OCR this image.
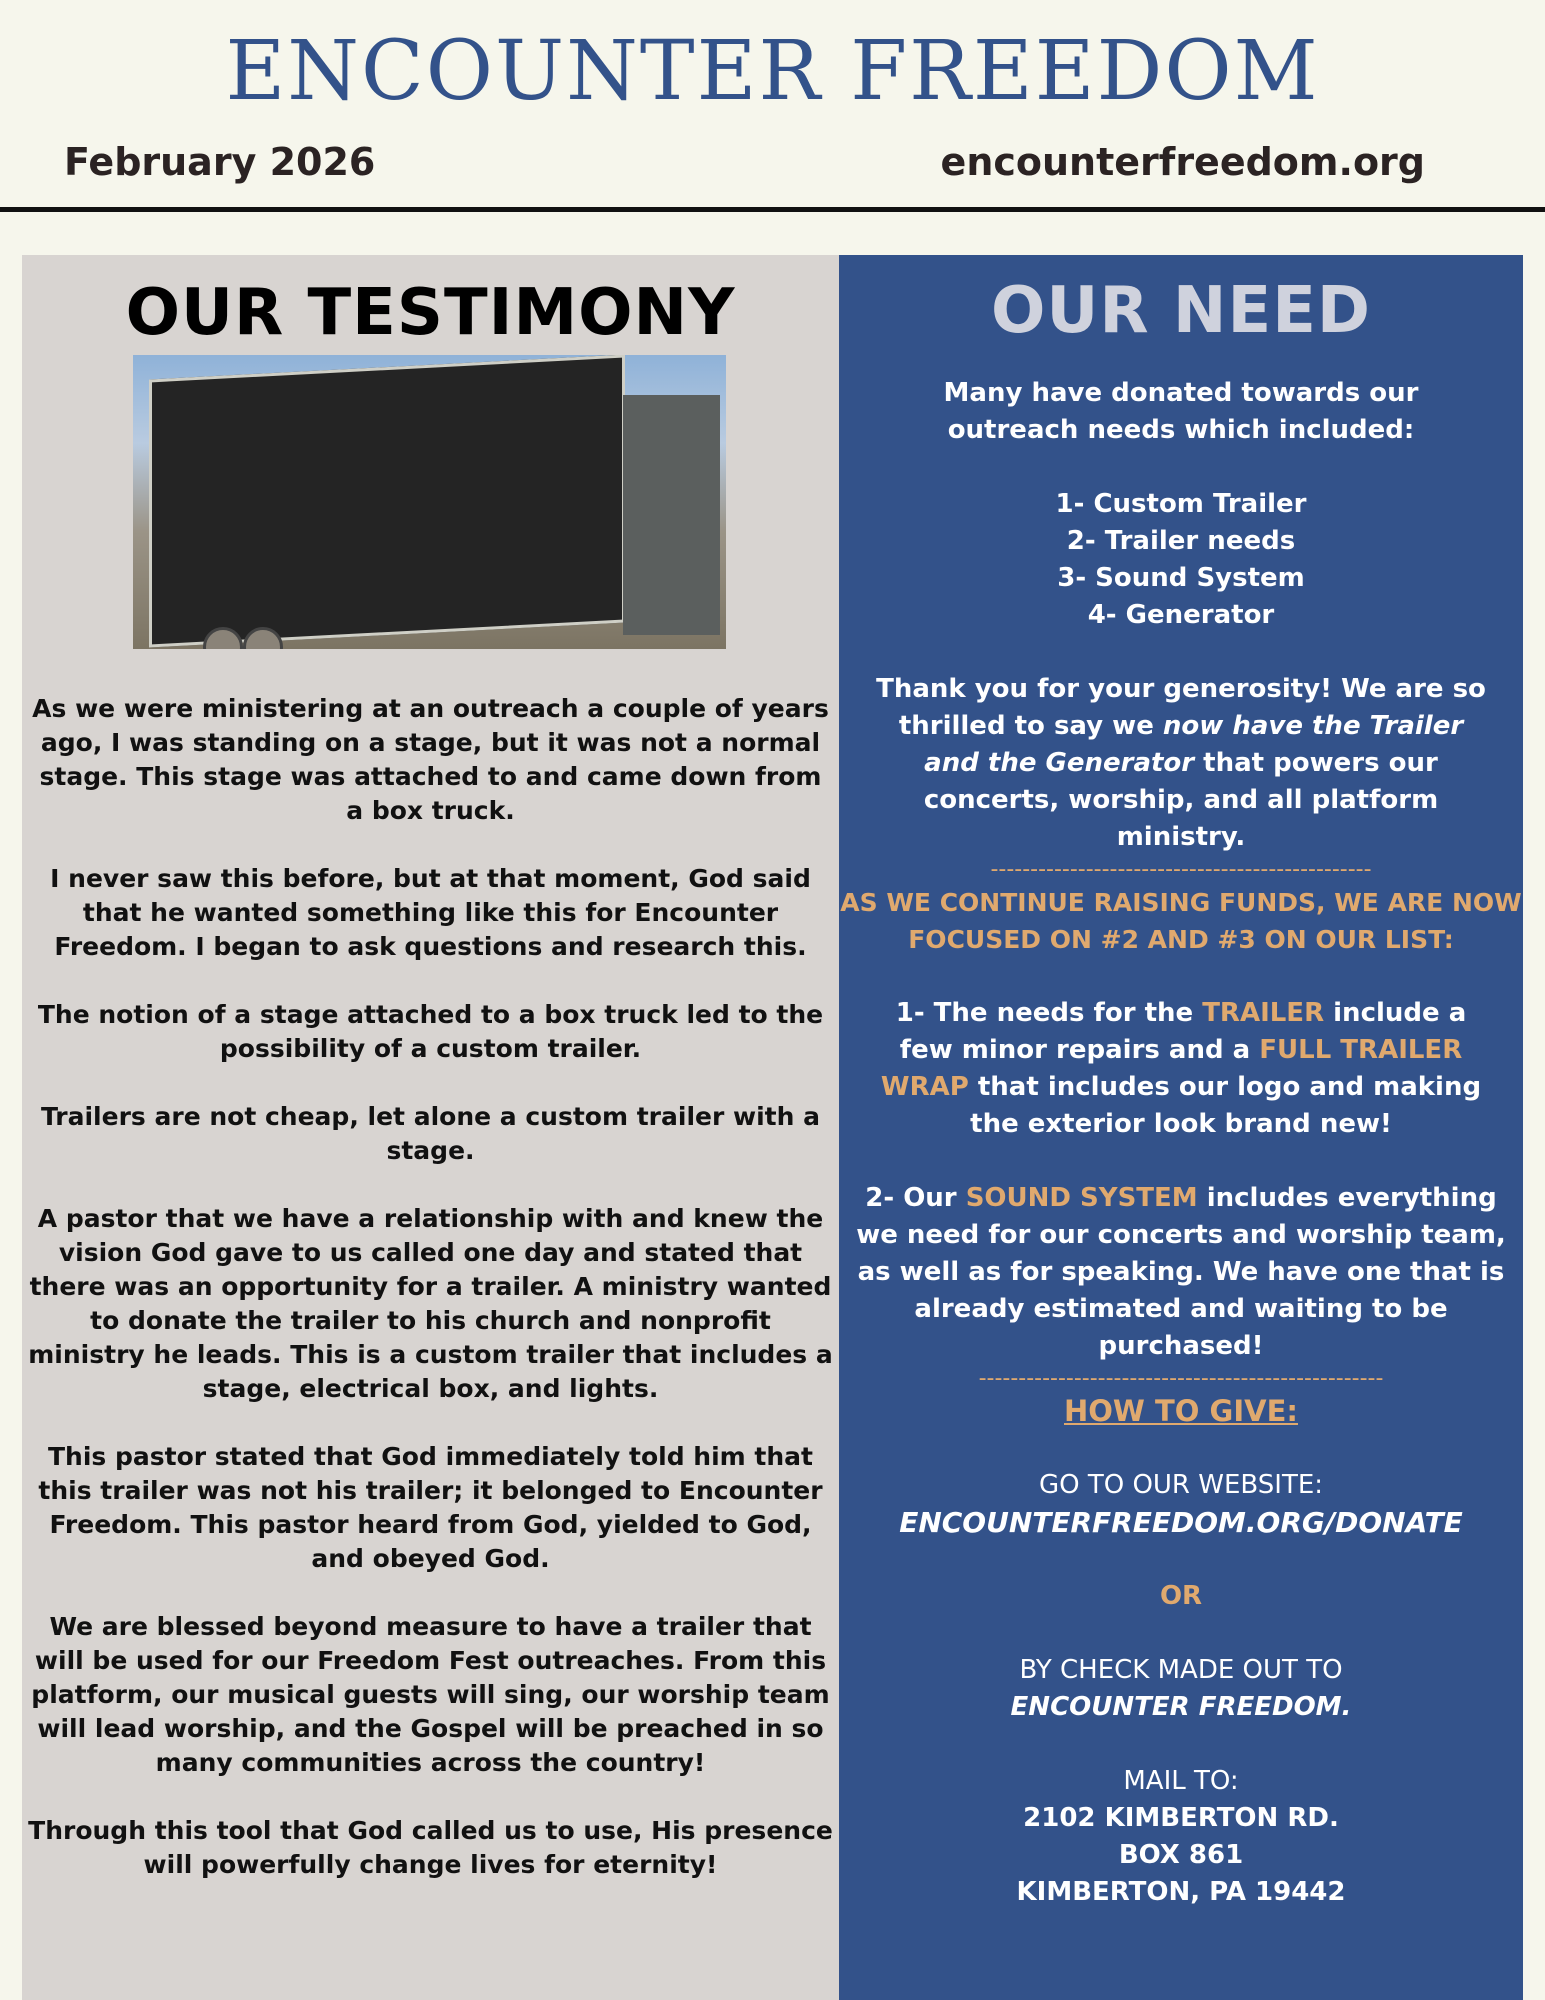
ENCOUNTER FREEDOM
February 2026	encounterfreedom.org
OUR TESTIMONY

As we were ministering at an outreach a couple of years ago, I was standing on a stage, but it was not a normal stage. This stage was attached to and came down from a box truck.

I never saw this before, but at that moment, God said that he wanted something like this for Encounter Freedom. I began to ask questions and research this.

The notion of a stage attached to a box truck led to the possibility of a custom trailer.

Trailers are not cheap, let alone a custom trailer with a stage.

A pastor that we have a relationship with and knew the vision God gave to us called one day and stated that there was an opportunity for a trailer. A ministry wanted to donate the trailer to his church and nonprofit ministry he leads. This is a custom trailer that includes a stage, electrical box, and lights.

This pastor stated that God immediately told him that this trailer was not his trailer; it belonged to Encounter Freedom. This pastor heard from God, yielded to God, and obeyed God.

We are blessed beyond measure to have a trailer that will be used for our Freedom Fest outreaches. From this platform, our musical guests will sing, our worship team will lead worship, and the Gospel will be preached in so many communities across the country!

Through this tool that God called us to use, His presence will powerfully change lives for eternity!

OUR NEED

Many have donated towards our outreach needs which included:

1- Custom Trailer

2- Trailer needs

3- Sound System

4- Generator

Thank you for your generosity! We are so thrilled to say we now have the Trailer and the Generator that powers our concerts, worship, and all platform ministry.

------------------------------------------------

AS WE CONTINUE RAISING FUNDS, WE ARE NOW FOCUSED ON #2 AND #3 ON OUR LIST:

1- The needs for the TRAILER include a few minor repairs and a FULL TRAILER WRAP that includes our logo and making the exterior look brand new!

2- Our SOUND SYSTEM includes everything we need for our concerts and worship team, as well as for speaking. We have one that is already estimated and waiting to be purchased!

---------------------------------------------------

HOW TO GIVE:

GO TO OUR WEBSITE:

ENCOUNTERFREEDOM.ORG/DONATE

OR

BY CHECK MADE OUT TO

ENCOUNTER FREEDOM.

MAIL TO:

2102 KIMBERTON RD.

BOX 861

KIMBERTON, PA 19442
